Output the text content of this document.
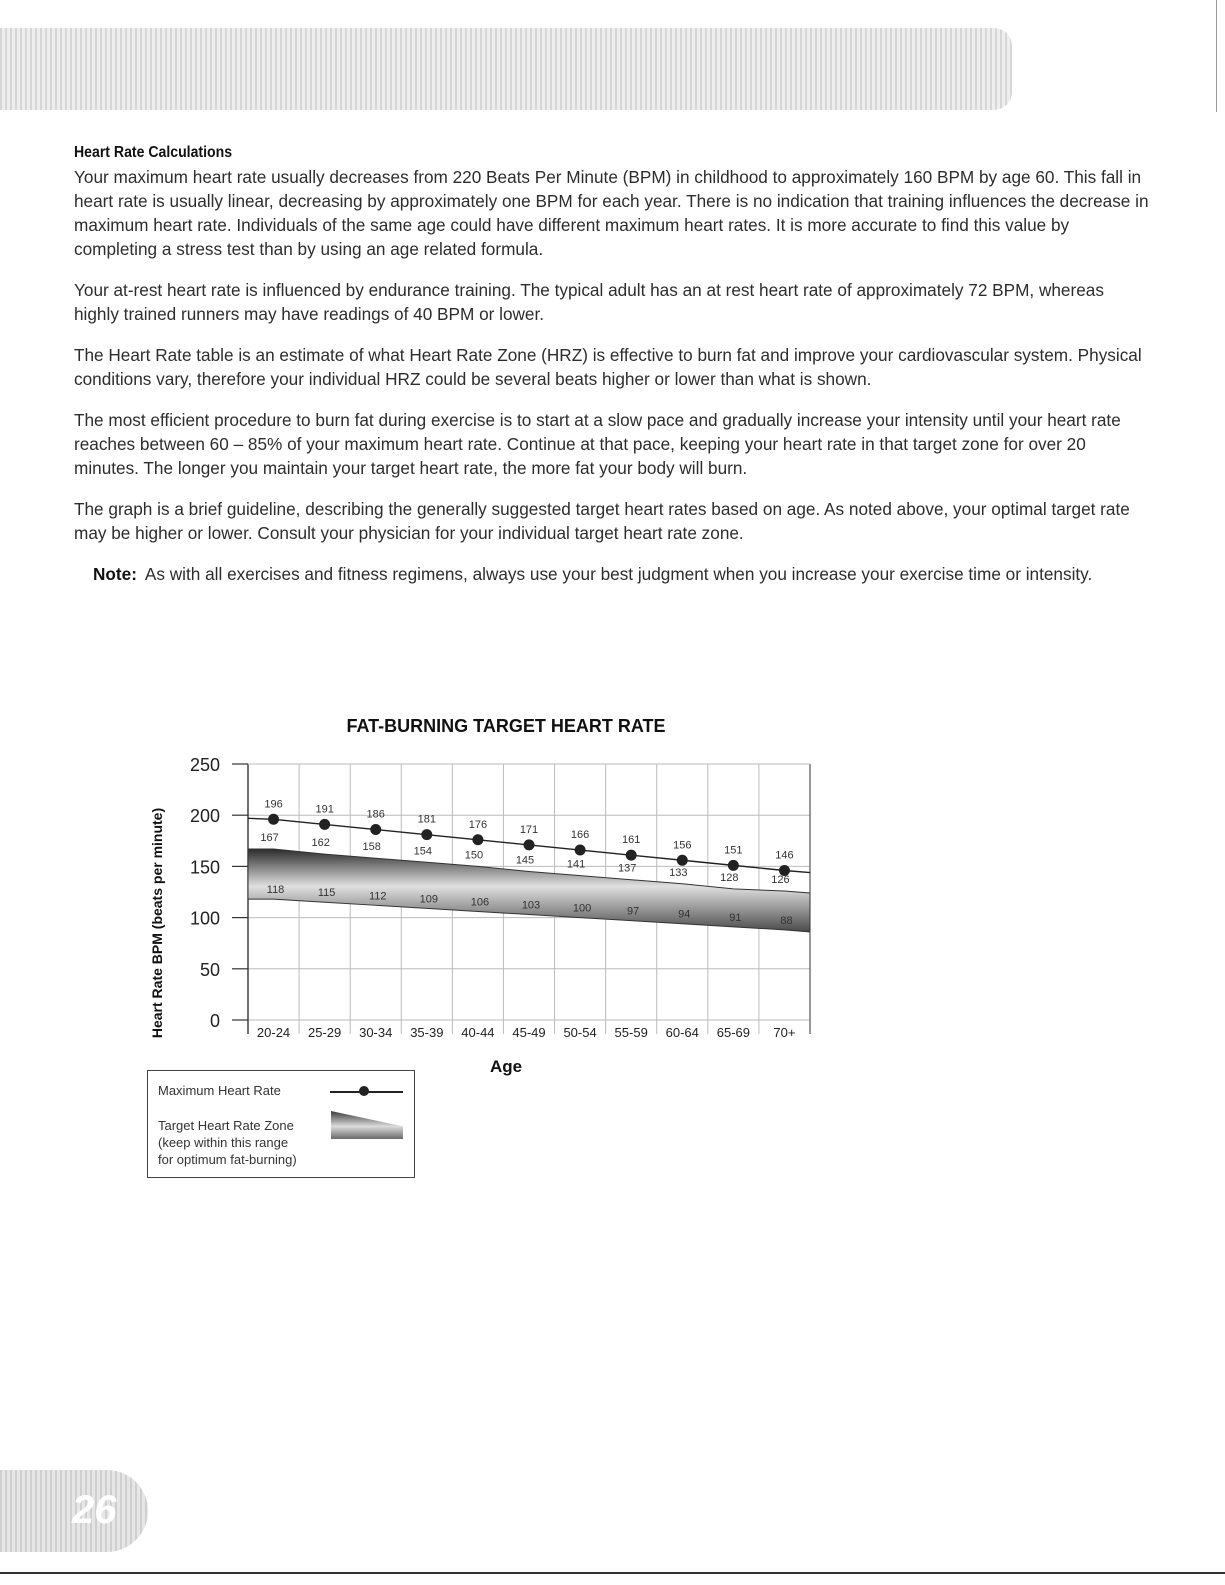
Heart Rate Calculations

Your maximum heart rate usually decreases from 220 Beats Per Minute (BPM) in childhood to approximately 160 BPM by age 60. This fall in heart rate is usually linear, decreasing by approximately one BPM for each year. There is no indication that training influences the decrease in maximum heart rate. Individuals of the same age could have different maximum heart rates. It is more accurate to find this value by completing a stress test than by using an age related formula.

Your at-rest heart rate is influenced by endurance training. The typical adult has an at rest heart rate of approximately 72 BPM, whereas highly trained runners may have readings of 40 BPM or lower.

The Heart Rate table is an estimate of what Heart Rate Zone (HRZ) is effective to burn fat and improve your cardiovascular system. Physical conditions vary, therefore your individual HRZ could be several beats higher or lower than what is shown.

The most efficient procedure to burn fat during exercise is to start at a slow pace and gradually increase your intensity until your heart rate reaches between 60 – 85% of your maximum heart rate. Continue at that pace, keeping your heart rate in that target zone for over 20 minutes. The longer you maintain your target heart rate, the more fat your body will burn.

The graph is a brief guideline, describing the generally suggested target heart rates based on age. As noted above, your optimal target rate may be higher or lower. Consult your physician for your individual target heart rate zone.

Note: As with all exercises and fitness regimens, always use your best judgment when you increase your exercise time or intensity.
FAT-BURNING TARGET HEART RATE
0
50
100
150
200
250
196	191	186	181	176	171	166	161	156	151	146
167	162	158	154	150	145	141	137	133	128	126
118	115	112	109	106	103	100	97	94	91	88
20-24 25-29 30-34 35-39 40-44 45-49 50-54 55-59 60-64 65-69 70+
Age
Heart Rate BPM (beats per minute)
Maximum Heart Rate
Target Heart Rate Zone
(keep within this range
for optimum fat-burning)
26
